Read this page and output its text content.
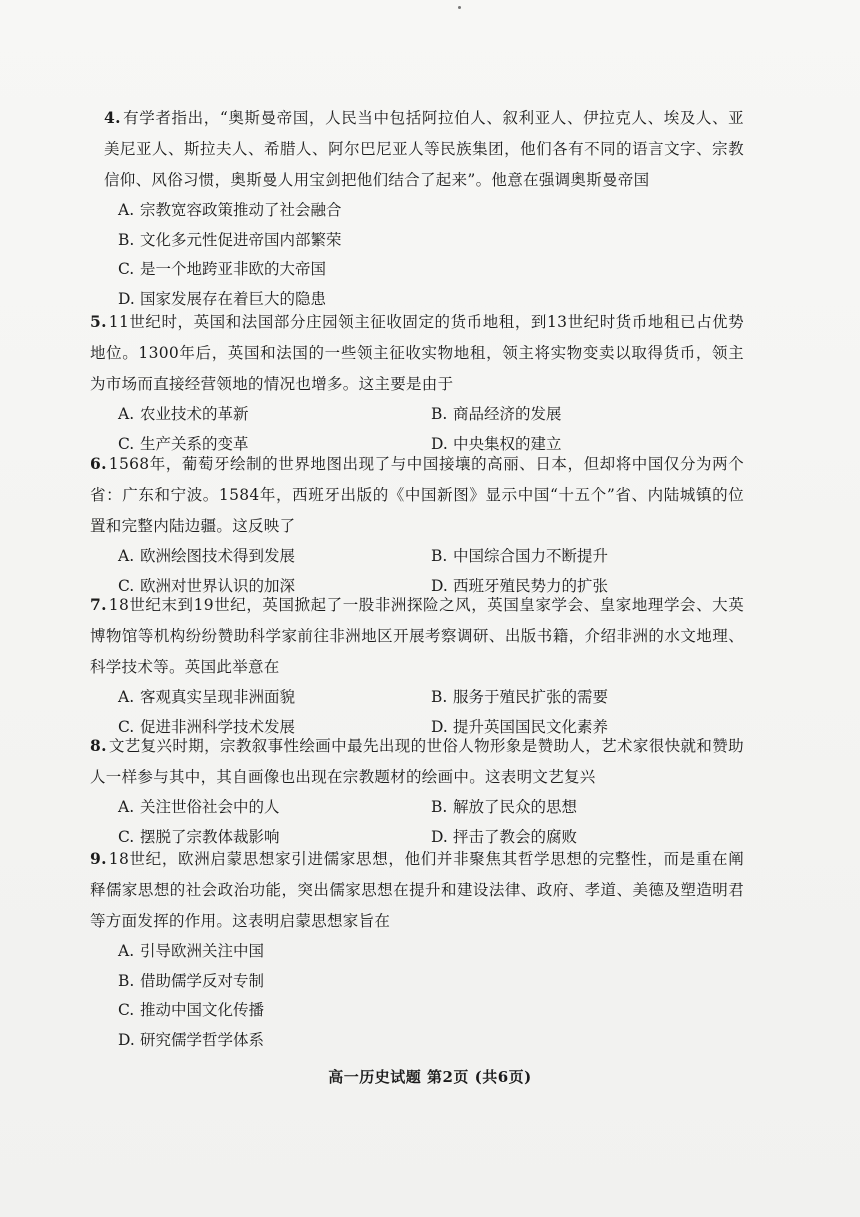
4. 有学者指出，“奥斯曼帝国，人民当中包括阿拉伯人、叙利亚人、伊拉克人、埃及人、亚美尼亚人、斯拉夫人、希腊人、阿尔巴尼亚人等民族集团，他们各有不同的语言文字、宗教信仰、风俗习惯，奥斯曼人用宝剑把他们结合了起来”。他意在强调奥斯曼帝国

A. 宗教宽容政策推动了社会融合
B. 文化多元性促进帝国内部繁荣
C. 是一个地跨亚非欧的大帝国
D. 国家发展存在着巨大的隐患

5. 11世纪时，英国和法国部分庄园领主征收固定的货币地租，到13世纪时货币地租已占优势地位。1300年后，英国和法国的一些领主征收实物地租，领主将实物变卖以取得货币，领主为市场而直接经营领地的情况也增多。这主要是由于

A. 农业技术的革新	B. 商品经济的发展
C. 生产关系的变革	D. 中央集权的建立

6. 1568年，葡萄牙绘制的世界地图出现了与中国接壤的高丽、日本，但却将中国仅分为两个省：广东和宁波。1584年，西班牙出版的《中国新图》显示中国“十五个”省、内陆城镇的位置和完整内陆边疆。这反映了

A. 欧洲绘图技术得到发展	B. 中国综合国力不断提升
C. 欧洲对世界认识的加深	D. 西班牙殖民势力的扩张

7. 18世纪末到19世纪，英国掀起了一股非洲探险之风，英国皇家学会、皇家地理学会、大英博物馆等机构纷纷赞助科学家前往非洲地区开展考察调研、出版书籍，介绍非洲的水文地理、科学技术等。英国此举意在

A. 客观真实呈现非洲面貌	B. 服务于殖民扩张的需要
C. 促进非洲科学技术发展	D. 提升英国国民文化素养

8. 文艺复兴时期，宗教叙事性绘画中最先出现的世俗人物形象是赞助人，艺术家很快就和赞助人一样参与其中，其自画像也出现在宗教题材的绘画中。这表明文艺复兴

A. 关注世俗社会中的人	B. 解放了民众的思想
C. 摆脱了宗教体裁影响	D. 抨击了教会的腐败

9. 18世纪，欧洲启蒙思想家引进儒家思想，他们并非聚焦其哲学思想的完整性，而是重在阐释儒家思想的社会政治功能，突出儒家思想在提升和建设法律、政府、孝道、美德及塑造明君等方面发挥的作用。这表明启蒙思想家旨在

A. 引导欧洲关注中国
B. 借助儒学反对专制
C. 推动中国文化传播
D. 研究儒学哲学体系
高一历史试题 第2页 (共6页)
